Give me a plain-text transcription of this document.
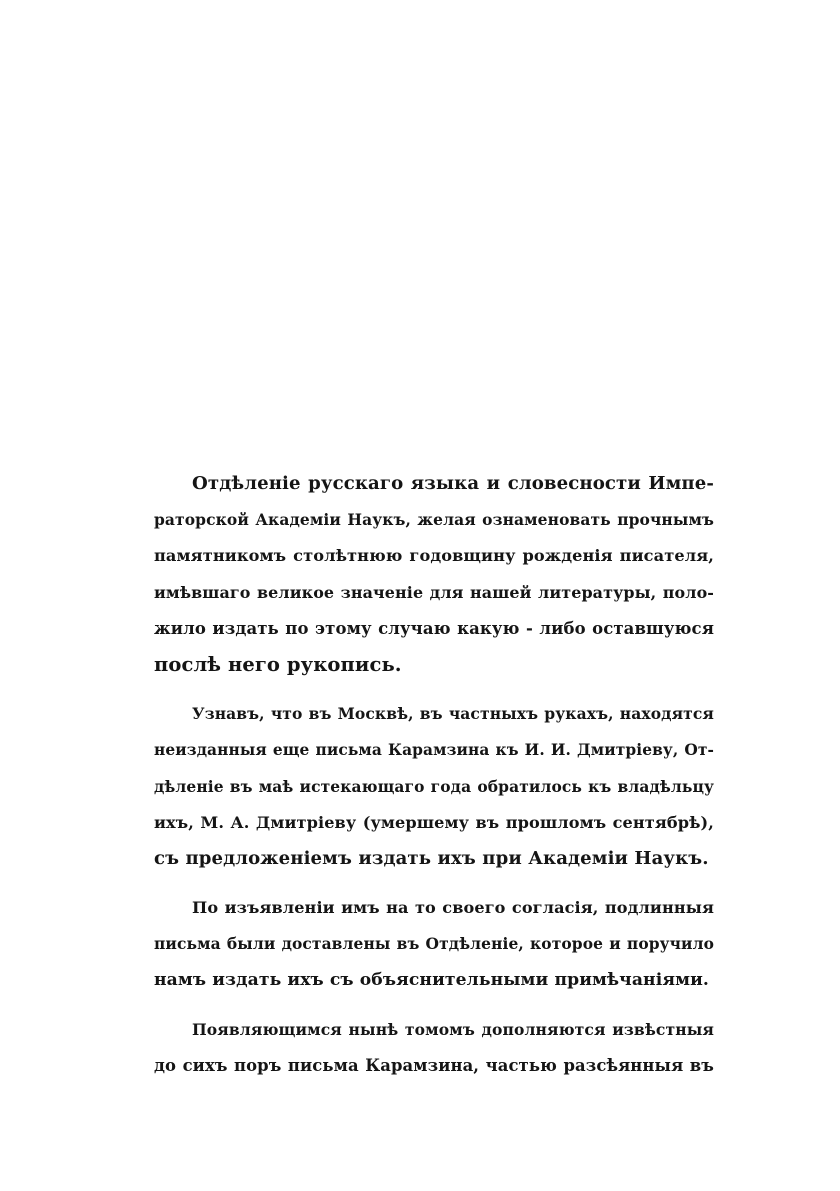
Отдѣленіе русскаго языка и словесности Импе-
раторской Академіи Наукъ, желая ознаменовать прочнымъ
памятникомъ столѣтнюю годовщину рожденія писателя,
имѣвшаго великое значеніе для нашей литературы, поло-
жило издать по этому случаю какую - либо оставшуюся
послѣ него рукопись.

Узнавъ, что въ Москвѣ, въ частныхъ рукахъ, находятся
неизданныя еще письма Карамзина къ И. И. Дмитріеву, От-
дѣленіе въ маѣ истекающаго года обратилось къ владѣльцу
ихъ, М. А. Дмитріеву (умершему въ прошломъ сентябрѣ),
съ предложеніемъ издать ихъ при Академіи Наукъ.

По изъявленіи имъ на то своего согласія, подлинныя
письма были доставлены въ Отдѣленіе, которое и поручило
намъ издать ихъ съ объяснительными примѣчаніями.

Появляющимся нынѣ томомъ дополняются извѣстныя
до сихъ поръ письма Карамзина, частью разсѣянныя въ
